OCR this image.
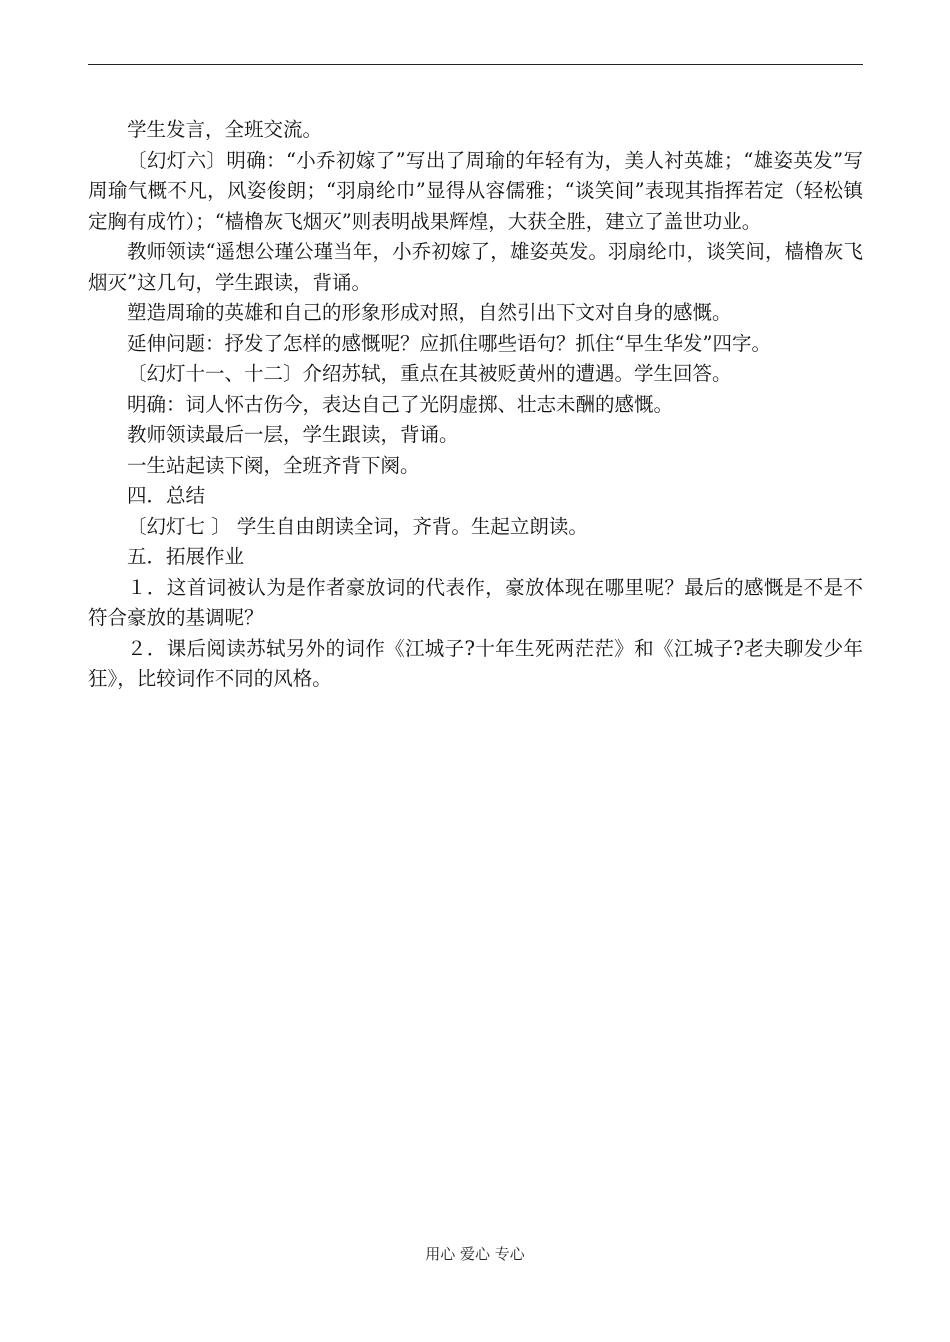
学生发言，全班交流。

〔幻灯六〕明确：“小乔初嫁了”写出了周瑜的年轻有为，美人衬英雄；“雄姿英发”写周瑜气概不凡，风姿俊朗；“羽扇纶巾”显得从容儒雅；“谈笑间”表现其指挥若定（轻松镇定胸有成竹）；“樯橹灰飞烟灭”则表明战果辉煌，大获全胜，建立了盖世功业。

教师领读“遥想公瑾公瑾当年，小乔初嫁了，雄姿英发。羽扇纶巾，谈笑间，樯橹灰飞烟灭”这几句，学生跟读，背诵。

塑造周瑜的英雄和自己的形象形成对照，自然引出下文对自身的感慨。

延伸问题：抒发了怎样的感慨呢？应抓住哪些语句？抓住“早生华发”四字。

〔幻灯十一、十二〕介绍苏轼，重点在其被贬黄州的遭遇。学生回答。

明确：词人怀古伤今，表达自己了光阴虚掷、壮志未酬的感慨。

教师领读最后一层，学生跟读，背诵。

一生站起读下阕，全班齐背下阕。

四．总结

〔幻灯七 〕 学生自由朗读全词，齐背。生起立朗读。

五．拓展作业

１．这首词被认为是作者豪放词的代表作，豪放体现在哪里呢？最后的感慨是不是不符合豪放的基调呢？

２．课后阅读苏轼另外的词作《江城子?十年生死两茫茫》和《江城子?老夫聊发少年狂》，比较词作不同的风格。

用心 爱心 专心
